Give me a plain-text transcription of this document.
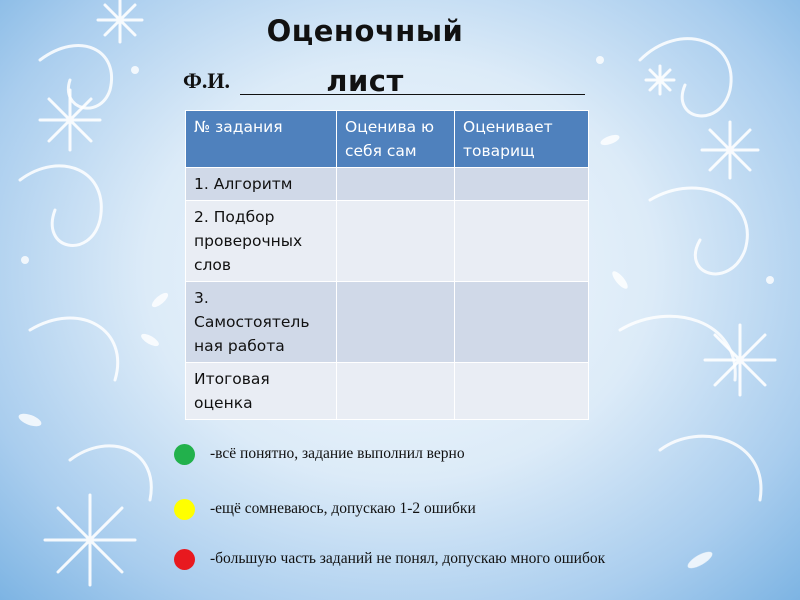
Оценочный лист
Ф.И.
№ задания	Оценива ю себя сам	Оценивает товарищ
1. Алгоритм		
2. Подбор проверочных слов		
3. Самостоятель ная работа		
Итоговая оценка		
-всё понятно, задание выполнил верно
-ещё сомневаюсь, допускаю 1-2 ошибки
-большую часть заданий не понял, допускаю много ошибок
